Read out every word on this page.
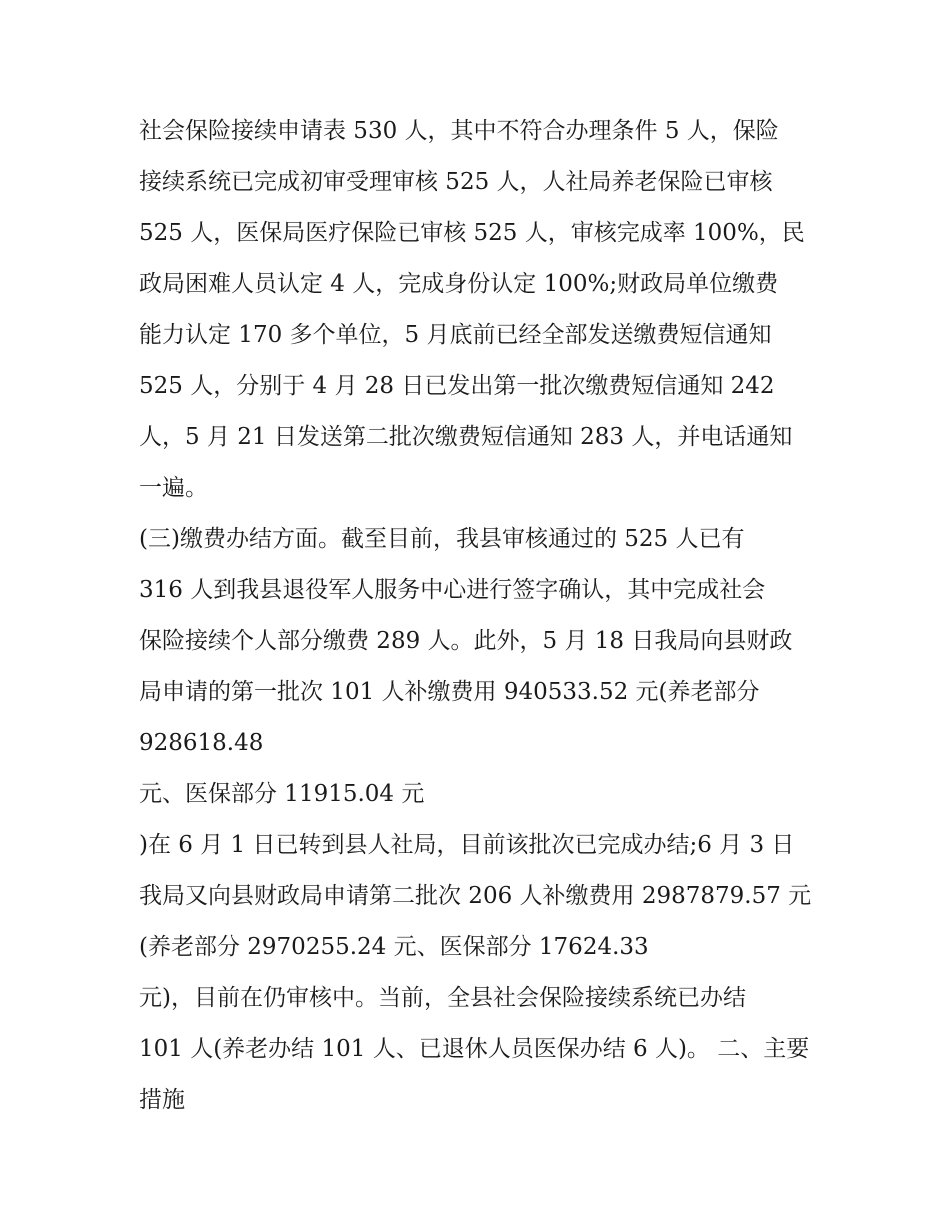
社会保险接续申请表 530 人，其中不符合办理条件 5 人，保险
接续系统已完成初审受理审核 525 人，人社局养老保险已审核
525 人，医保局医疗保险已审核 525 人，审核完成率 100%，民
政局困难人员认定 4 人，完成身份认定 100%;财政局单位缴费
能力认定 170 多个单位，5 月底前已经全部发送缴费短信通知
525 人，分别于 4 月 28 日已发出第一批次缴费短信通知 242
人，5 月 21 日发送第二批次缴费短信通知 283 人，并电话通知
一遍。
(三)缴费办结方面。截至目前，我县审核通过的 525 人已有
316 人到我县退役军人服务中心进行签字确认，其中完成社会
保险接续个人部分缴费 289 人。此外，5 月 18 日我局向县财政
局申请的第一批次 101 人补缴费用 940533.52 元(养老部分
928618.48
元、医保部分 11915.04 元
)在 6 月 1 日已转到县人社局，目前该批次已完成办结;6 月 3 日
我局又向县财政局申请第二批次 206 人补缴费用 2987879.57 元
(养老部分 2970255.24 元、医保部分 17624.33
元)，目前在仍审核中。当前，全县社会保险接续系统已办结
101 人(养老办结 101 人、已退休人员医保办结 6 人)。 二、主要
措施
